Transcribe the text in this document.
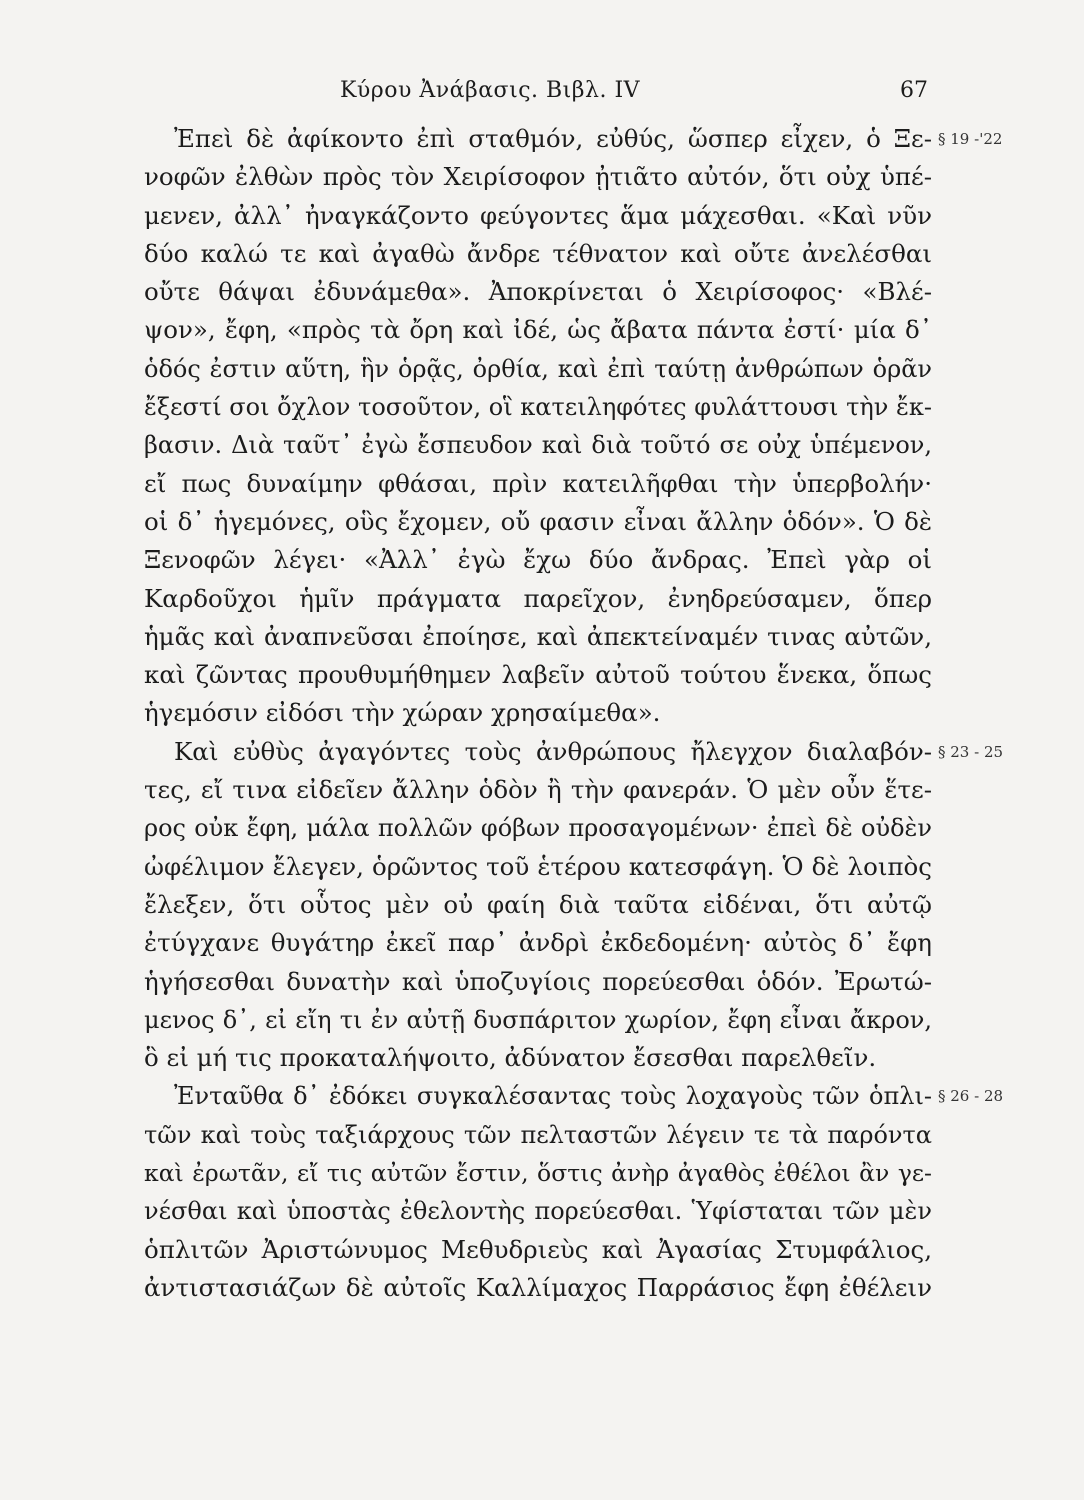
Κύρου Ἀνάβασις. Βιβλ. IV	67
Ἐπεὶ δὲ ἀφίκοντο ἐπὶ σταθμόν, εὐθύς, ὥσπερ εἶχεν, ὁ Ξε- § 19 -'22
νοφῶν ἐλθὼν πρὸς τὸν Χειρίσοφον ᾐτιᾶτο αὐτόν, ὅτι οὐχ ὑπέ-
μενεν, ἀλλ᾽ ἠναγκάζοντο φεύγοντες ἅμα μάχεσθαι. «Καὶ νῦν
δύο καλώ τε καὶ ἀγαθὼ ἄνδρε τέθνατον καὶ οὔτε ἀνελέσθαι
οὔτε θάψαι ἐδυνάμεθα». Ἀποκρίνεται ὁ Χειρίσοφος· «Βλέ-
ψον», ἔφη, «πρὸς τὰ ὄρη καὶ ἰδέ, ὡς ἄβατα πάντα ἐστί· μία δ᾽
ὁδός ἐστιν αὕτη, ἣν ὁρᾷς, ὀρθία, καὶ ἐπὶ ταύτῃ ἀνθρώπων ὁρᾶν
ἔξεστί σοι ὄχλον τοσοῦτον, οἳ κατειληφότες φυλάττουσι τὴν ἔκ-
βασιν. Διὰ ταῦτ᾽ ἐγὼ ἔσπευδον καὶ διὰ τοῦτό σε οὐχ ὑπέμενον,
εἴ πως δυναίμην φθάσαι, πρὶν κατειλῆφθαι τὴν ὑπερβολήν·
οἱ δ᾽ ἡγεμόνες, οὓς ἔχομεν, οὔ φασιν εἶναι ἄλλην ὁδόν». Ὁ δὲ
Ξενοφῶν λέγει· «Ἀλλ᾽ ἐγὼ ἔχω δύο ἄνδρας. Ἐπεὶ γὰρ οἱ
Καρδοῦχοι ἡμῖν πράγματα παρεῖχον, ἐνηδρεύσαμεν, ὅπερ
ἡμᾶς καὶ ἀναπνεῦσαι ἐποίησε, καὶ ἀπεκτείναμέν τινας αὐτῶν,
καὶ ζῶντας προυθυμήθημεν λαβεῖν αὐτοῦ τούτου ἕνεκα, ὅπως
ἡγεμόσιν εἰδόσι τὴν χώραν χρησαίμεθα».
Καὶ εὐθὺς ἀγαγόντες τοὺς ἀνθρώπους ἤλεγχον διαλαβόν- § 23 - 25
τες, εἴ τινα εἰδεῖεν ἄλλην ὁδὸν ἢ τὴν φανεράν. Ὁ μὲν οὖν ἕτε-
ρος οὐκ ἔφη, μάλα πολλῶν φόβων προσαγομένων· ἐπεὶ δὲ οὐδὲν
ὠφέλιμον ἔλεγεν, ὁρῶντος τοῦ ἑτέρου κατεσφάγη. Ὁ δὲ λοιπὸς
ἔλεξεν, ὅτι οὗτος μὲν οὐ φαίη διὰ ταῦτα εἰδέναι, ὅτι αὐτῷ
ἐτύγχανε θυγάτηρ ἐκεῖ παρ᾽ ἀνδρὶ ἐκδεδομένη· αὐτὸς δ᾽ ἔφη
ἡγήσεσθαι δυνατὴν καὶ ὑποζυγίοις πορεύεσθαι ὁδόν. Ἐρωτώ-
μενος δ᾽, εἰ εἴη τι ἐν αὐτῇ δυσπάριτον χωρίον, ἔφη εἶναι ἄκρον,
ὃ εἰ μή τις προκαταλήψοιτο, ἀδύνατον ἔσεσθαι παρελθεῖν.
Ἐνταῦθα δ᾽ ἐδόκει συγκαλέσαντας τοὺς λοχαγοὺς τῶν ὁπλι- § 26 - 28
τῶν καὶ τοὺς ταξιάρχους τῶν πελταστῶν λέγειν τε τὰ παρόντα
καὶ ἐρωτᾶν, εἴ τις αὐτῶν ἔστιν, ὅστις ἀνὴρ ἀγαθὸς ἐθέλοι ἂν γε-
νέσθαι καὶ ὑποστὰς ἐθελοντὴς πορεύεσθαι. Ὑφίσταται τῶν μὲν
ὁπλιτῶν Ἀριστώνυμος Μεθυδριεὺς καὶ Ἀγασίας Στυμφάλιος,
ἀντιστασιάζων δὲ αὐτοῖς Καλλίμαχος Παρράσιος ἔφη ἐθέλειν
